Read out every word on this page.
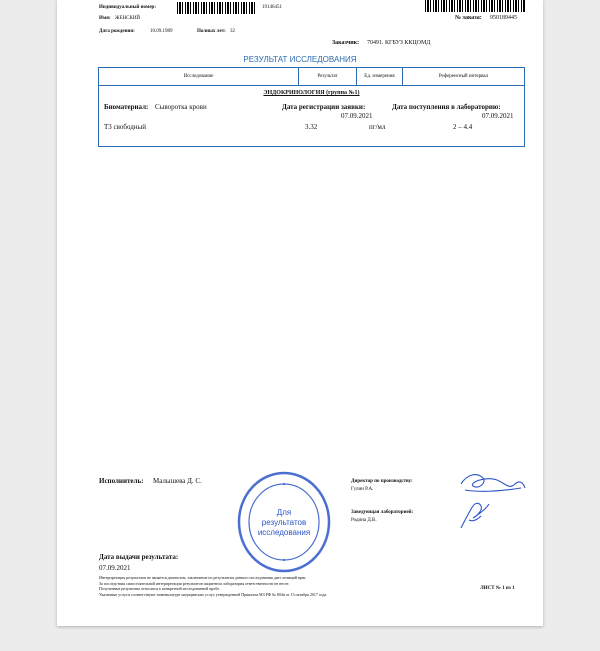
Индивидуальный номер:	19146451
Имя: ЖЕНСКИЙ	№ заказа: 950189445
Дата рождения:	10.09.1989	Полных лет: 32
Заказчик: 70491. КГБУЗ ККЦОМД
РЕЗУЛЬТАТ ИССЛЕДОВАНИЯ
Исследование	Результат	Ед. измерения	Референсный интервал
ЭНДОКРИНОЛОГИЯ (группа №1)
Биоматериал: Сыворотка крови	Дата регистрации заявки:
07.09.2021
Дата поступления в лабораторию:
07.09.2021
Т3 свободный	3.32	пг/мл	2 – 4.4
Исполнитель: Малышева Д. С.
Для
результатов
исследования
Директор по производству:
Гулин Р.А.
Заведующая лабораторией:
Родина Д.В.
Дата выдачи результата:
07.09.2021
Интерпретация результатов не является диагнозом, заключение по результатам данного исследования дает лечащий врач.
За последствия самостоятельной интерпретации результатов пациентом лаборатория ответственности не несет.
Полученные результаты относятся к конкретной исследованной пробе.
Указанные услуги соответствуют номенклатуре медицинских услуг, утвержденной Приказом МЗ РФ № 804н от 13 октября 2017 года.
ЛИСТ № 1 из 1
